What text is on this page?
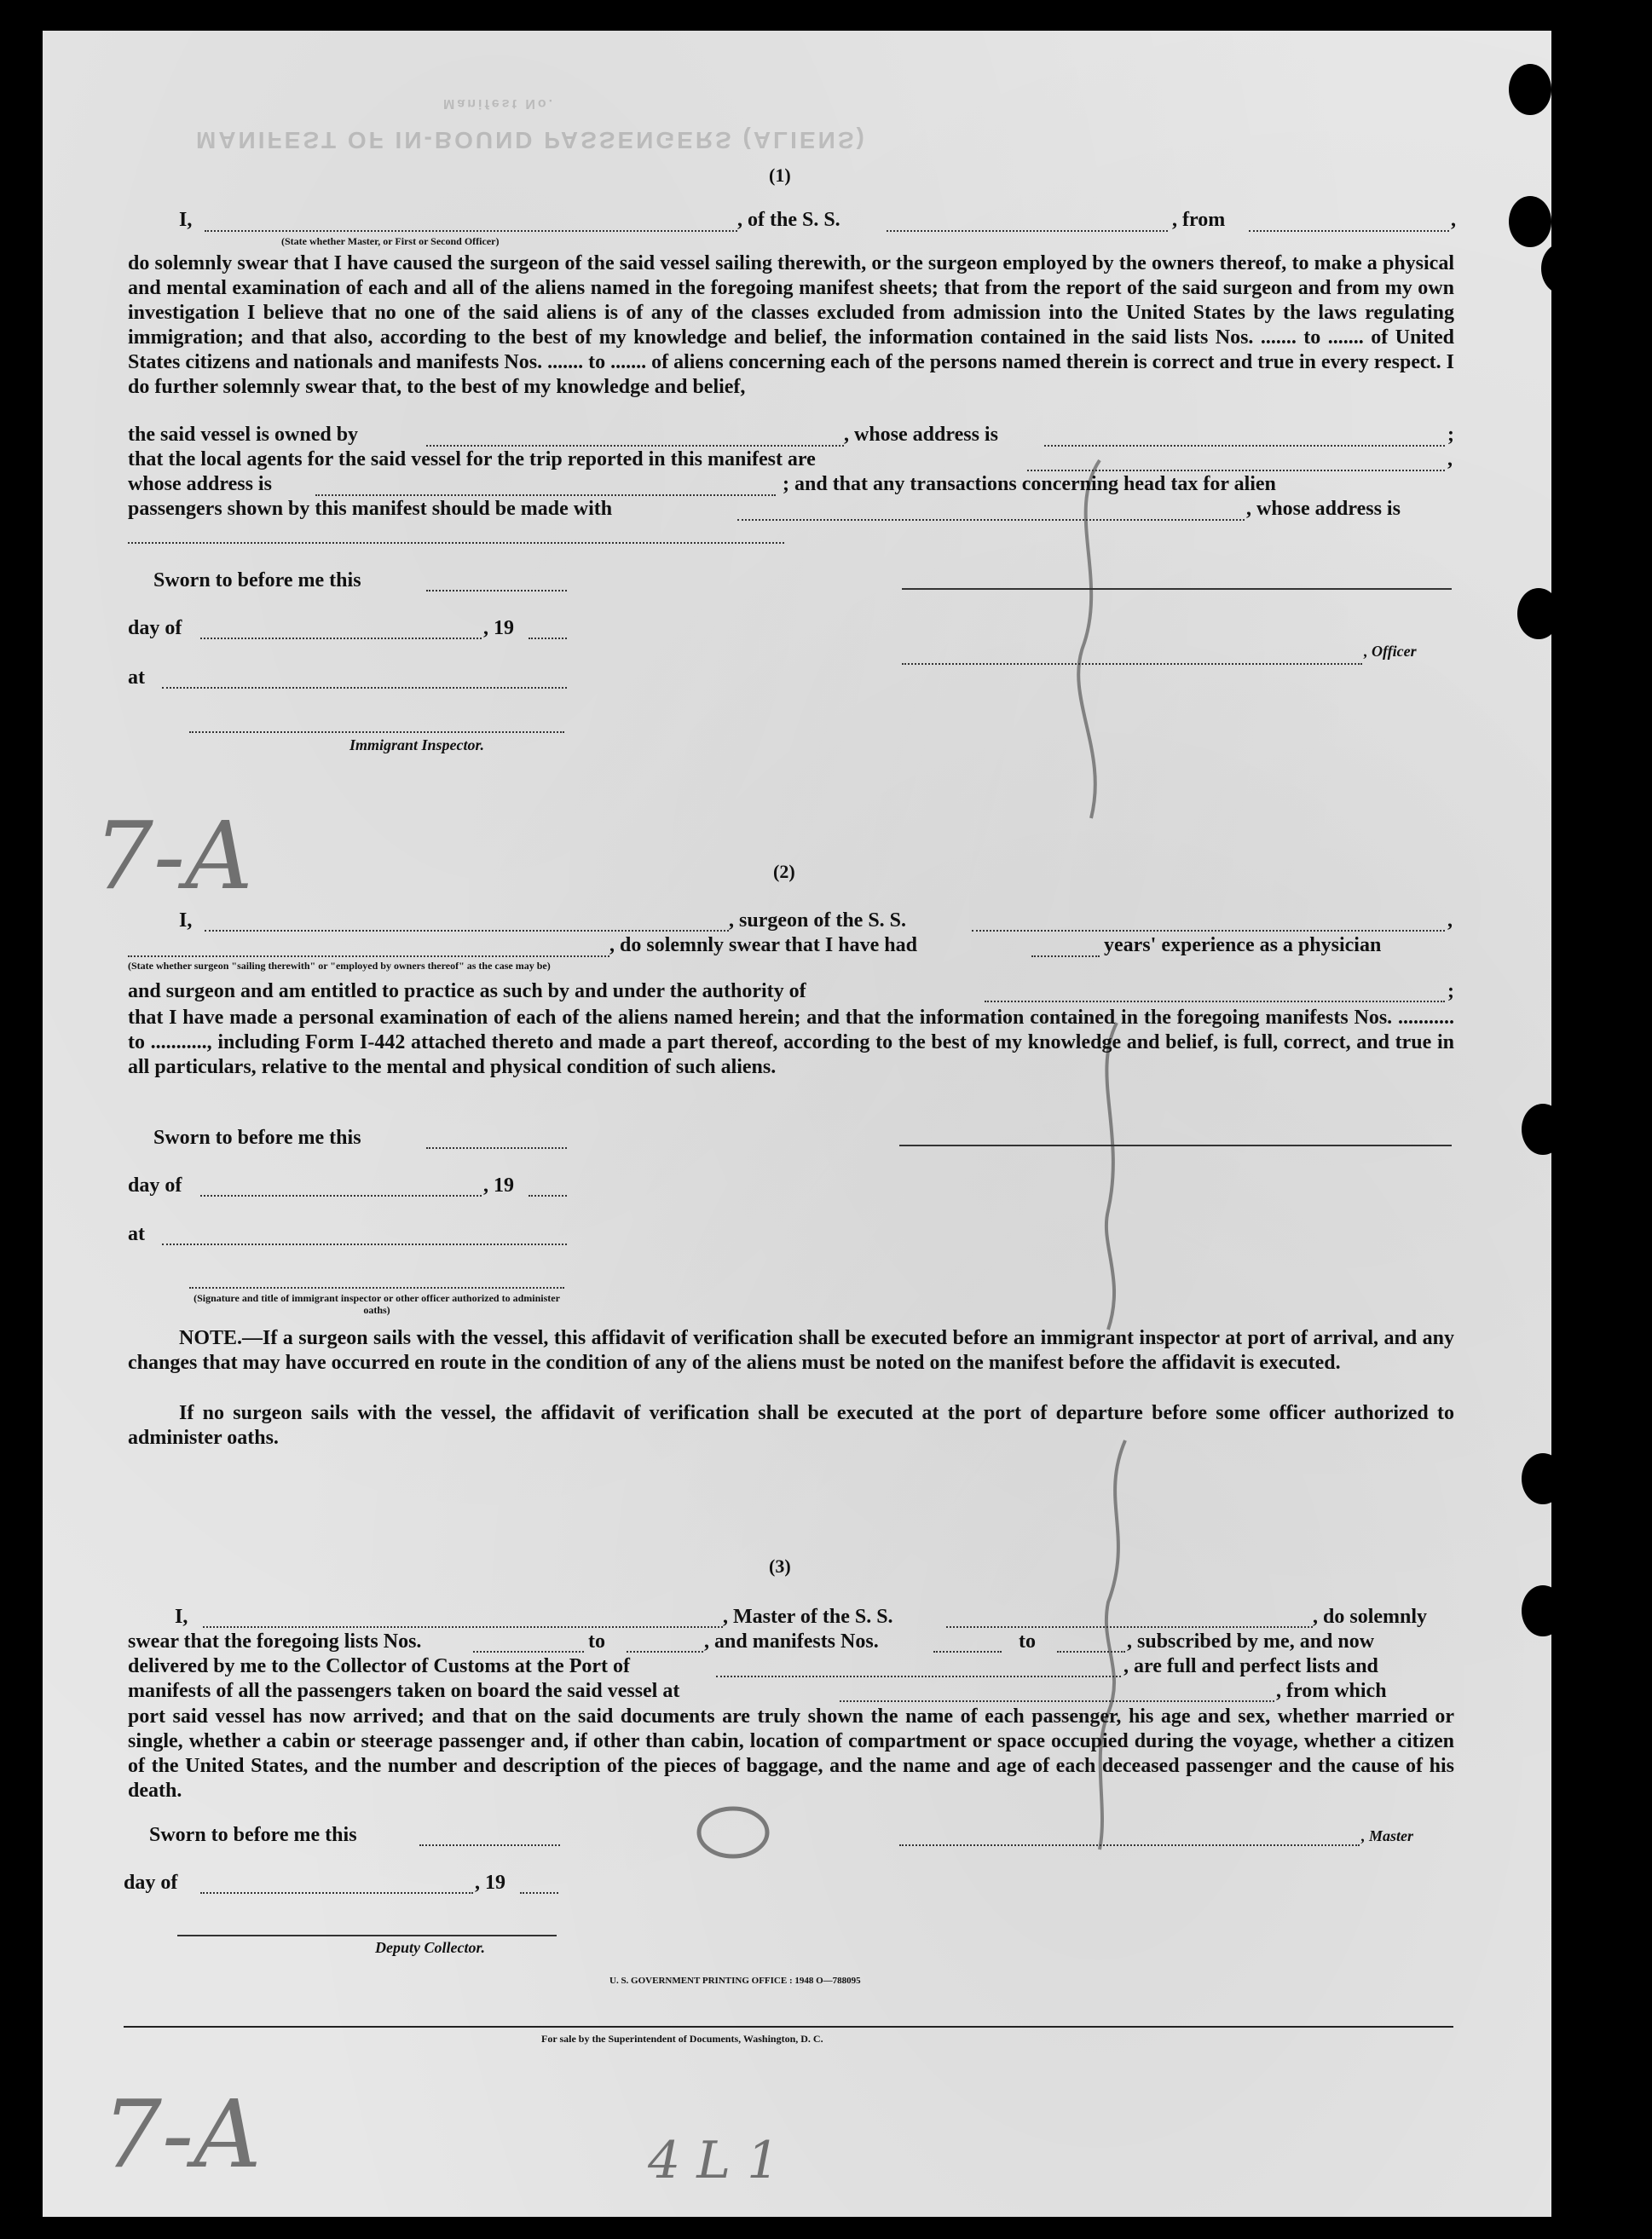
MANIFEST OF IN-BOUND PASSENGERS (ALIENS)
Manifest No.
7-A
7-A	4 L 1
(1)
I,	, of the S. S.	, from	,
(State whether Master, or First or Second Officer)

do solemnly swear that I have caused the surgeon of the said vessel sailing therewith, or the surgeon employed by the owners thereof, to make a physical and mental examination of each and all of the aliens named in the foregoing manifest sheets; that from the report of the said surgeon and from my own investigation I believe that no one of the said aliens is of any of the classes excluded from admission into the United States by the laws regulating immigration; and that also, according to the best of my knowledge and belief, the information contained in the said lists Nos. ....... to ....... of United States citizens and nationals and manifests Nos. ....... to ....... of aliens concerning each of the persons named therein is correct and true in every respect. I do further solemnly swear that, to the best of my knowledge and belief,

the said vessel is owned by	, whose address is	;
that the local agents for the said vessel for the trip reported in this manifest are	,
whose address is	; and that any transactions concerning head tax for alien
passengers shown by this manifest should be made with	, whose address is
Sworn to before me this
day of	, 19
, Officer
at
Immigrant Inspector.
(2)
I,	, surgeon of the S. S.	,
, do solemnly swear that I have had	years' experience as a physician
(State whether surgeon "sailing therewith" or "employed by owners thereof" as the case may be)
and surgeon and am entitled to practice as such by and under the authority of	;

that I have made a personal examination of each of the aliens named herein; and that the information contained in the foregoing manifests Nos. ........... to ..........., including Form I-442 attached thereto and made a part thereof, according to the best of my knowledge and belief, is full, correct, and true in all particulars, relative to the mental and physical condition of such aliens.

Sworn to before me this
day of	, 19
at
(Signature and title of immigrant inspector or other officer authorized to administer oaths)

NOTE.—If a surgeon sails with the vessel, this affidavit of verification shall be executed before an immigrant inspector at port of arrival, and any changes that may have occurred en route in the condition of any of the aliens must be noted on the manifest before the affidavit is executed.

If no surgeon sails with the vessel, the affidavit of verification shall be executed at the port of departure before some officer authorized to administer oaths.

(3)
I,	, Master of the S. S.	, do solemnly
swear that the foregoing lists Nos.	to	, and manifests Nos.	to	, subscribed by me, and now
delivered by me to the Collector of Customs at the Port of	, are full and perfect lists and
manifests of all the passengers taken on board the said vessel at	, from which

port said vessel has now arrived; and that on the said documents are truly shown the name of each passenger, his age and sex, whether married or single, whether a cabin or steerage passenger and, if other than cabin, location of compartment or space occupied during the voyage, whether a citizen of the United States, and the number and description of the pieces of baggage, and the name and age of each deceased passenger and the cause of his death.

Sworn to before me this	, Master
day of	, 19
Deputy Collector.
U. S. GOVERNMENT PRINTING OFFICE : 1948 O—788095
For sale by the Superintendent of Documents, Washington, D. C.
